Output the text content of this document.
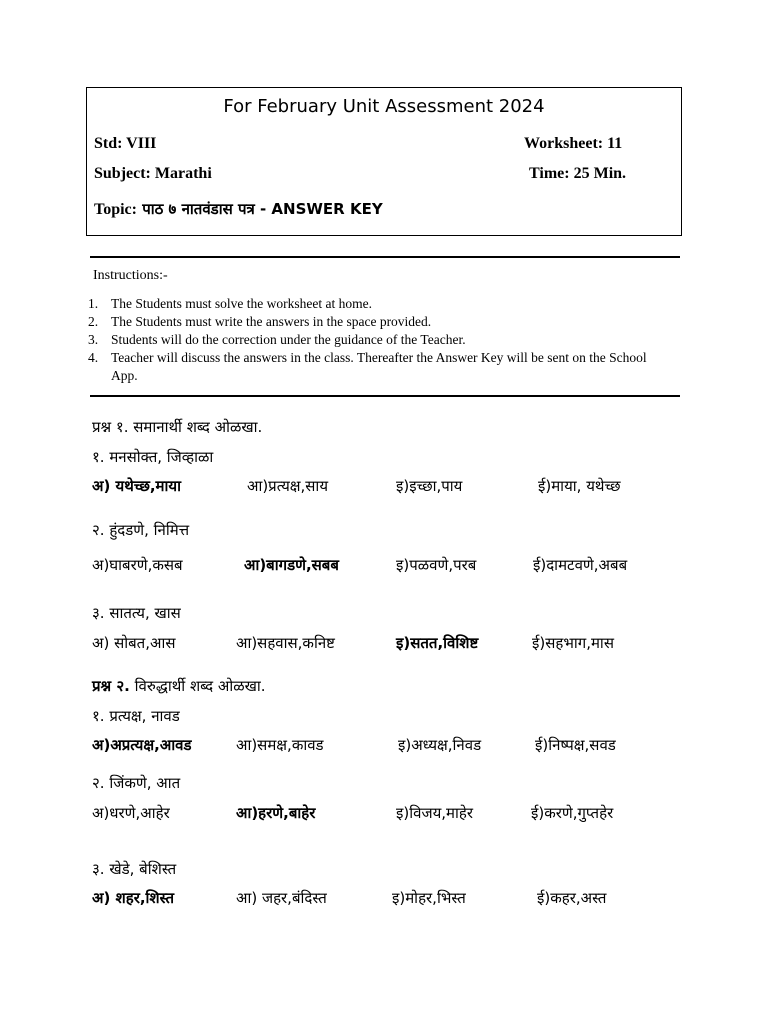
For February Unit Assessment 2024
Std: VIII	Worksheet: 11
Subject: Marathi	Time: 25 Min.
Topic: पाठ ७ नातवंडास पत्र - ANSWER KEY
Instructions:-
1. The Students must solve the worksheet at home.
2. The Students must write the answers in the space provided.
3. Students will do the correction under the guidance of the Teacher.
4. Teacher will discuss the answers in the class. Thereafter the Answer Key will be sent on the School App.
प्रश्न १. समानार्थी शब्द ओळखा.
१. मनसोक्त, जिव्हाळा
अ) यथेच्छ,माया	आ)प्रत्यक्ष,साय	इ)इच्छा,पाय	ई)माया, यथेच्छ
२. हुंदडणे, निमित्त
अ)घाबरणे,कसब	आ)बागडणे,सबब	इ)पळवणे,परब	ई)दामटवणे,अबब
३. सातत्य, खास
अ) सोबत,आस	आ)सहवास,कनिष्ट	इ)सतत,विशिष्ट	ई)सहभाग,मास
प्रश्न २. विरुद्धार्थी शब्द ओळखा.
१. प्रत्यक्ष, नावड
अ)अप्रत्यक्ष,आवड	आ)समक्ष,कावड	इ)अध्यक्ष,निवड	ई)निष्पक्ष,सवड
२. जिंकणे, आत
अ)धरणे,आहेर	आ)हरणे,बाहेर	इ)विजय,माहेर	ई)करणे,गुप्तहेर
३. खेडे, बेशिस्त
अ) शहर,शिस्त	आ) जहर,बंदिस्त	इ)मोहर,भिस्त	ई)कहर,अस्त
